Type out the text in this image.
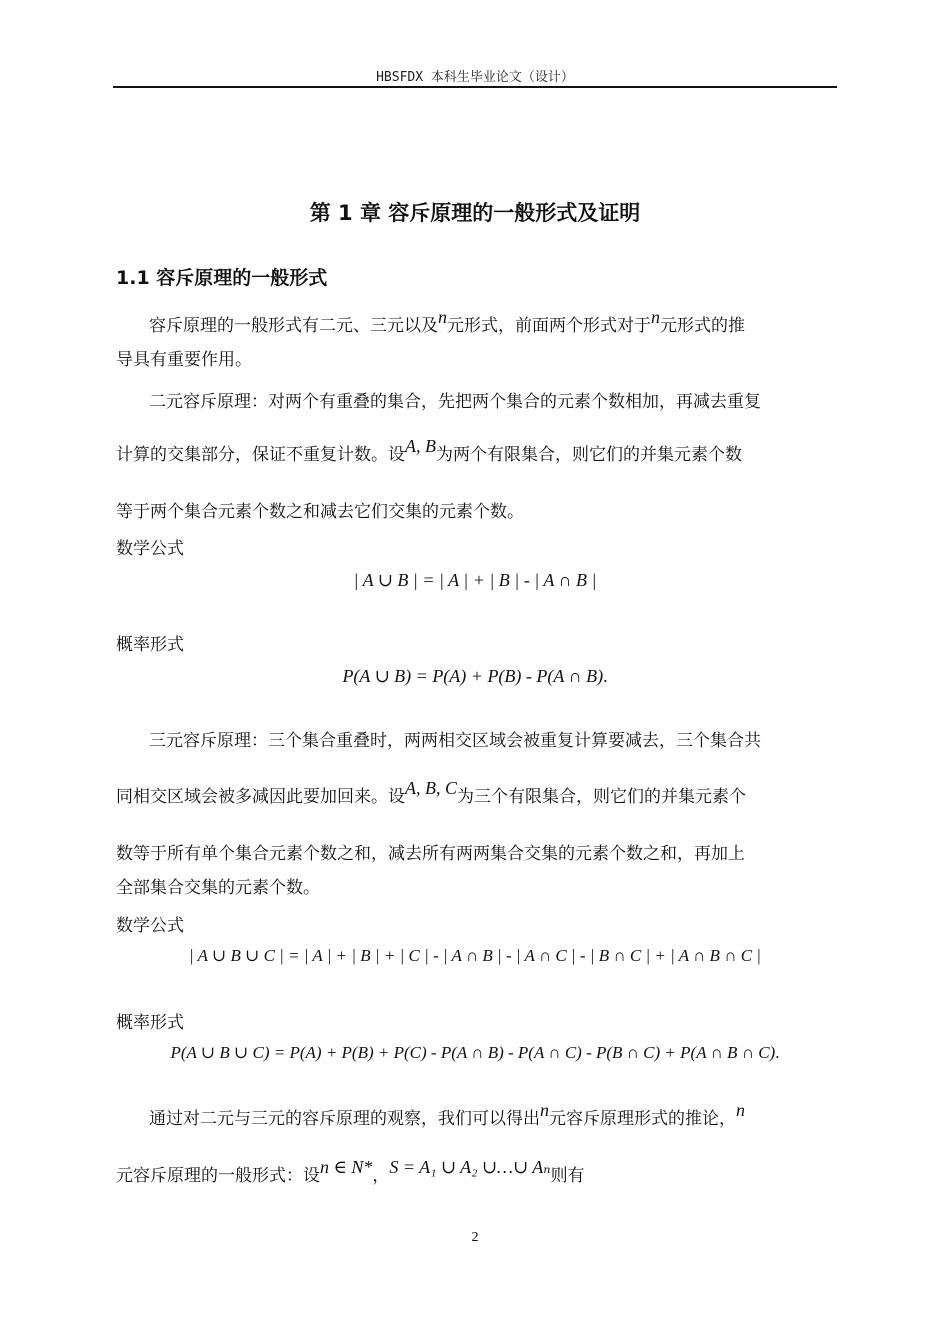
HBSFDX 本科生毕业论文（设计）
第 1 章 容斥原理的一般形式及证明
1.1 容斥原理的一般形式
容斥原理的一般形式有二元、三元以及n元形式，前面两个形式对于n元形式的推
导具有重要作用。
二元容斥原理：对两个有重叠的集合，先把两个集合的元素个数相加，再减去重复
计算的交集部分，保证不重复计数。设A, B为两个有限集合，则它们的并集元素个数
等于两个集合元素个数之和减去它们交集的元素个数。
数学公式
| A ∪ B | = | A | + | B | - | A ∩ B |
概率形式
P(A ∪ B) = P(A) + P(B) - P(A ∩ B).
三元容斥原理：三个集合重叠时，两两相交区域会被重复计算要减去，三个集合共
同相交区域会被多减因此要加回来。设A, B, C为三个有限集合，则它们的并集元素个
数等于所有单个集合元素个数之和，减去所有两两集合交集的元素个数之和，再加上
全部集合交集的元素个数。
数学公式
| A ∪ B ∪ C | = | A | + | B | + | C | - | A ∩ B | - | A ∩ C | - | B ∩ C | + | A ∩ B ∩ C |
概率形式
P(A ∪ B ∪ C) = P(A) + P(B) + P(C) - P(A ∩ B) - P(A ∩ C) - P(B ∩ C) + P(A ∩ B ∩ C).
通过对二元与三元的容斥原理的观察，我们可以得出n元容斥原理形式的推论，n
元容斥原理的一般形式：设n ∈ N*，S = A₁ ∪ A₂ ∪…∪ Aₙ则有
2
